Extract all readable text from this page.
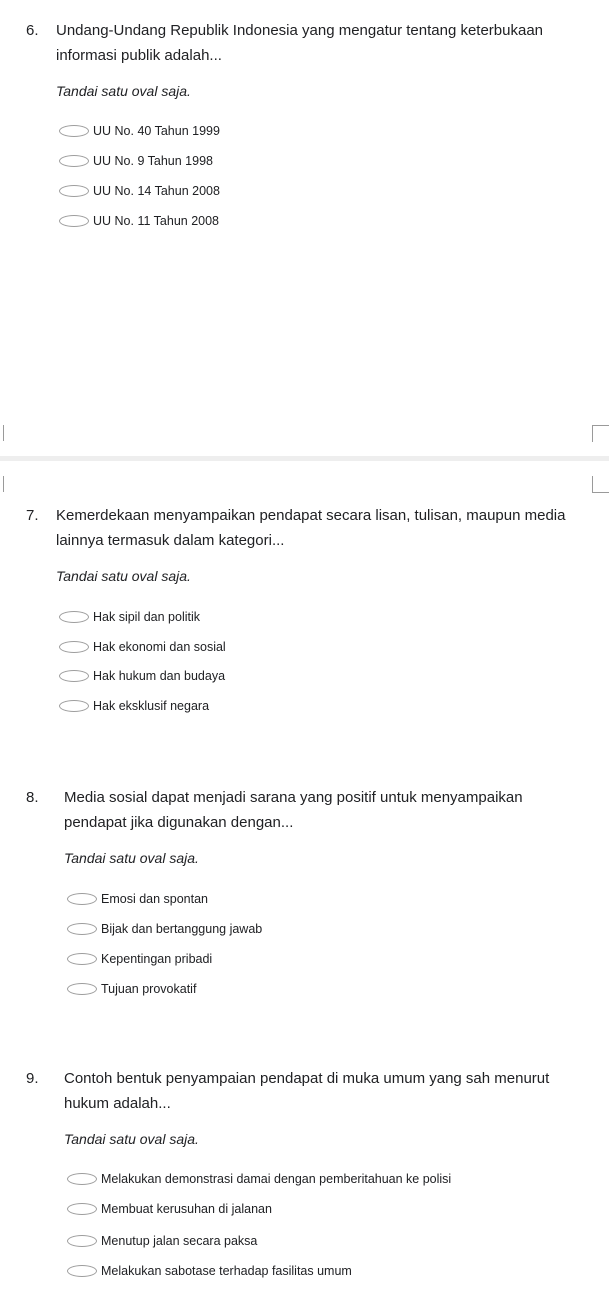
6. Undang-Undang Republik Indonesia yang mengatur tentang keterbukaan
informasi publik adalah...
Tandai satu oval saja.
UU No. 40 Tahun 1999
UU No. 9 Tahun 1998
UU No. 14 Tahun 2008
UU No. 11 Tahun 2008
7. Kemerdekaan menyampaikan pendapat secara lisan, tulisan, maupun media
lainnya termasuk dalam kategori...
Tandai satu oval saja.
Hak sipil dan politik
Hak ekonomi dan sosial
Hak hukum dan budaya
Hak eksklusif negara
8. Media sosial dapat menjadi sarana yang positif untuk menyampaikan
pendapat jika digunakan dengan...
Tandai satu oval saja.
Emosi dan spontan
Bijak dan bertanggung jawab
Kepentingan pribadi
Tujuan provokatif
9. Contoh bentuk penyampaian pendapat di muka umum yang sah menurut
hukum adalah...
Tandai satu oval saja.
Melakukan demonstrasi damai dengan pemberitahuan ke polisi
Membuat kerusuhan di jalanan
Menutup jalan secara paksa
Melakukan sabotase terhadap fasilitas umum
